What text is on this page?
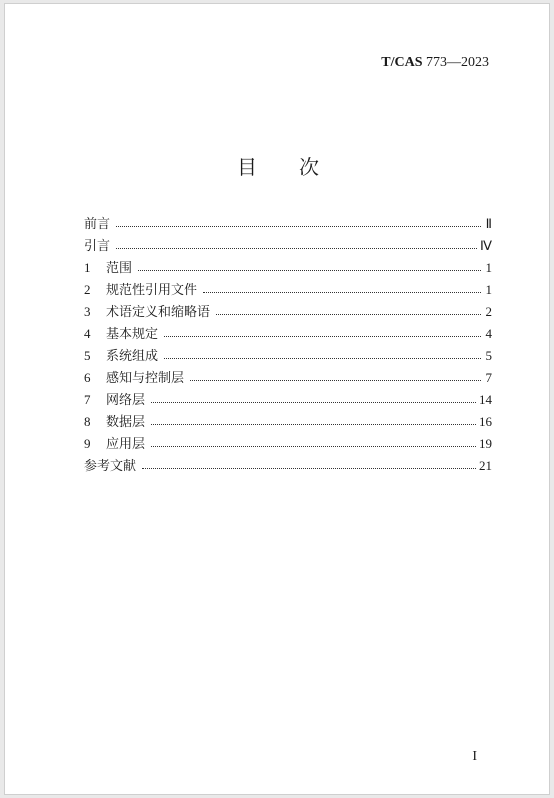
T/CAS 773—2023
目 次
前言	Ⅱ
引言	Ⅳ
1	范围	1
2	规范性引用文件	1
3	术语定义和缩略语	2
4	基本规定	4
5	系统组成	5
6	感知与控制层	7
7	网络层	14
8	数据层	16
9	应用层	19
参考文献	21
I
